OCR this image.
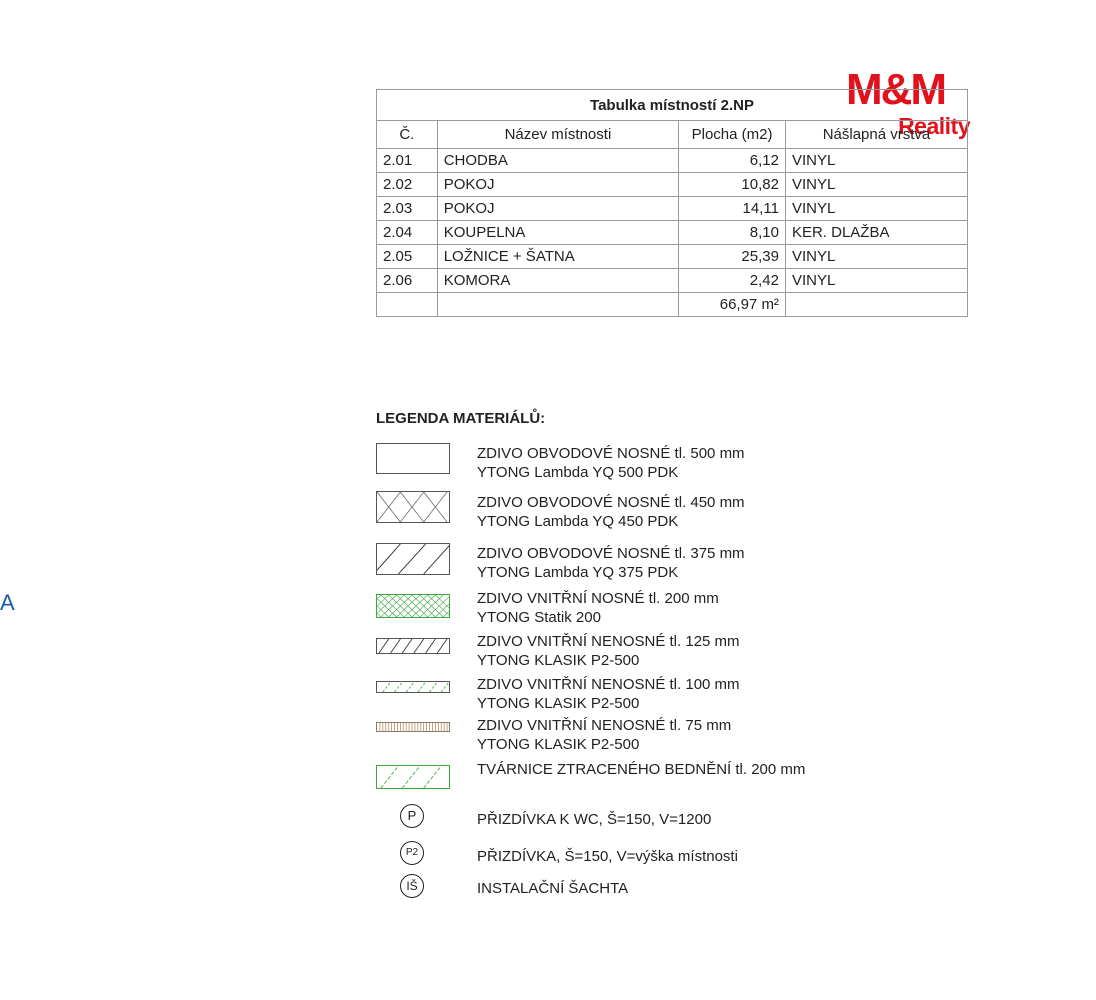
M&M
Reality
A
Tabulka místností 2.NP			
Č.	Název místnosti	Plocha (m2)	Nášlapná vrstva
2.01	CHODBA	6,12	VINYL
2.02	POKOJ	10,82	VINYL
2.03	POKOJ	14,11	VINYL
2.04	KOUPELNA	8,10	KER. DLAŽBA
2.05	LOŽNICE + ŠATNA	25,39	VINYL
2.06	KOMORA	2,42	VINYL
		66,97 m²	
LEGENDA MATERIÁLŮ:
ZDIVO OBVODOVÉ NOSNÉ tl. 500 mm
YTONG Lambda YQ 500 PDK
ZDIVO OBVODOVÉ NOSNÉ tl. 450 mm
YTONG Lambda YQ 450 PDK
ZDIVO OBVODOVÉ NOSNÉ tl. 375 mm
YTONG Lambda YQ 375 PDK
ZDIVO VNITŘNÍ NOSNÉ tl. 200 mm
YTONG Statik 200
ZDIVO VNITŘNÍ NENOSNÉ tl. 125 mm
YTONG KLASIK P2-500
ZDIVO VNITŘNÍ NENOSNÉ tl. 100 mm
YTONG KLASIK P2-500
ZDIVO VNITŘNÍ NENOSNÉ tl. 75 mm
YTONG KLASIK P2-500
TVÁRNICE ZTRACENÉHO BEDNĚNÍ tl. 200 mm
P	PŘIZDÍVKA K WC, Š=150, V=1200
P2	PŘIZDÍVKA, Š=150, V=výška místnosti
IŠ	INSTALAČNÍ ŠACHTA
